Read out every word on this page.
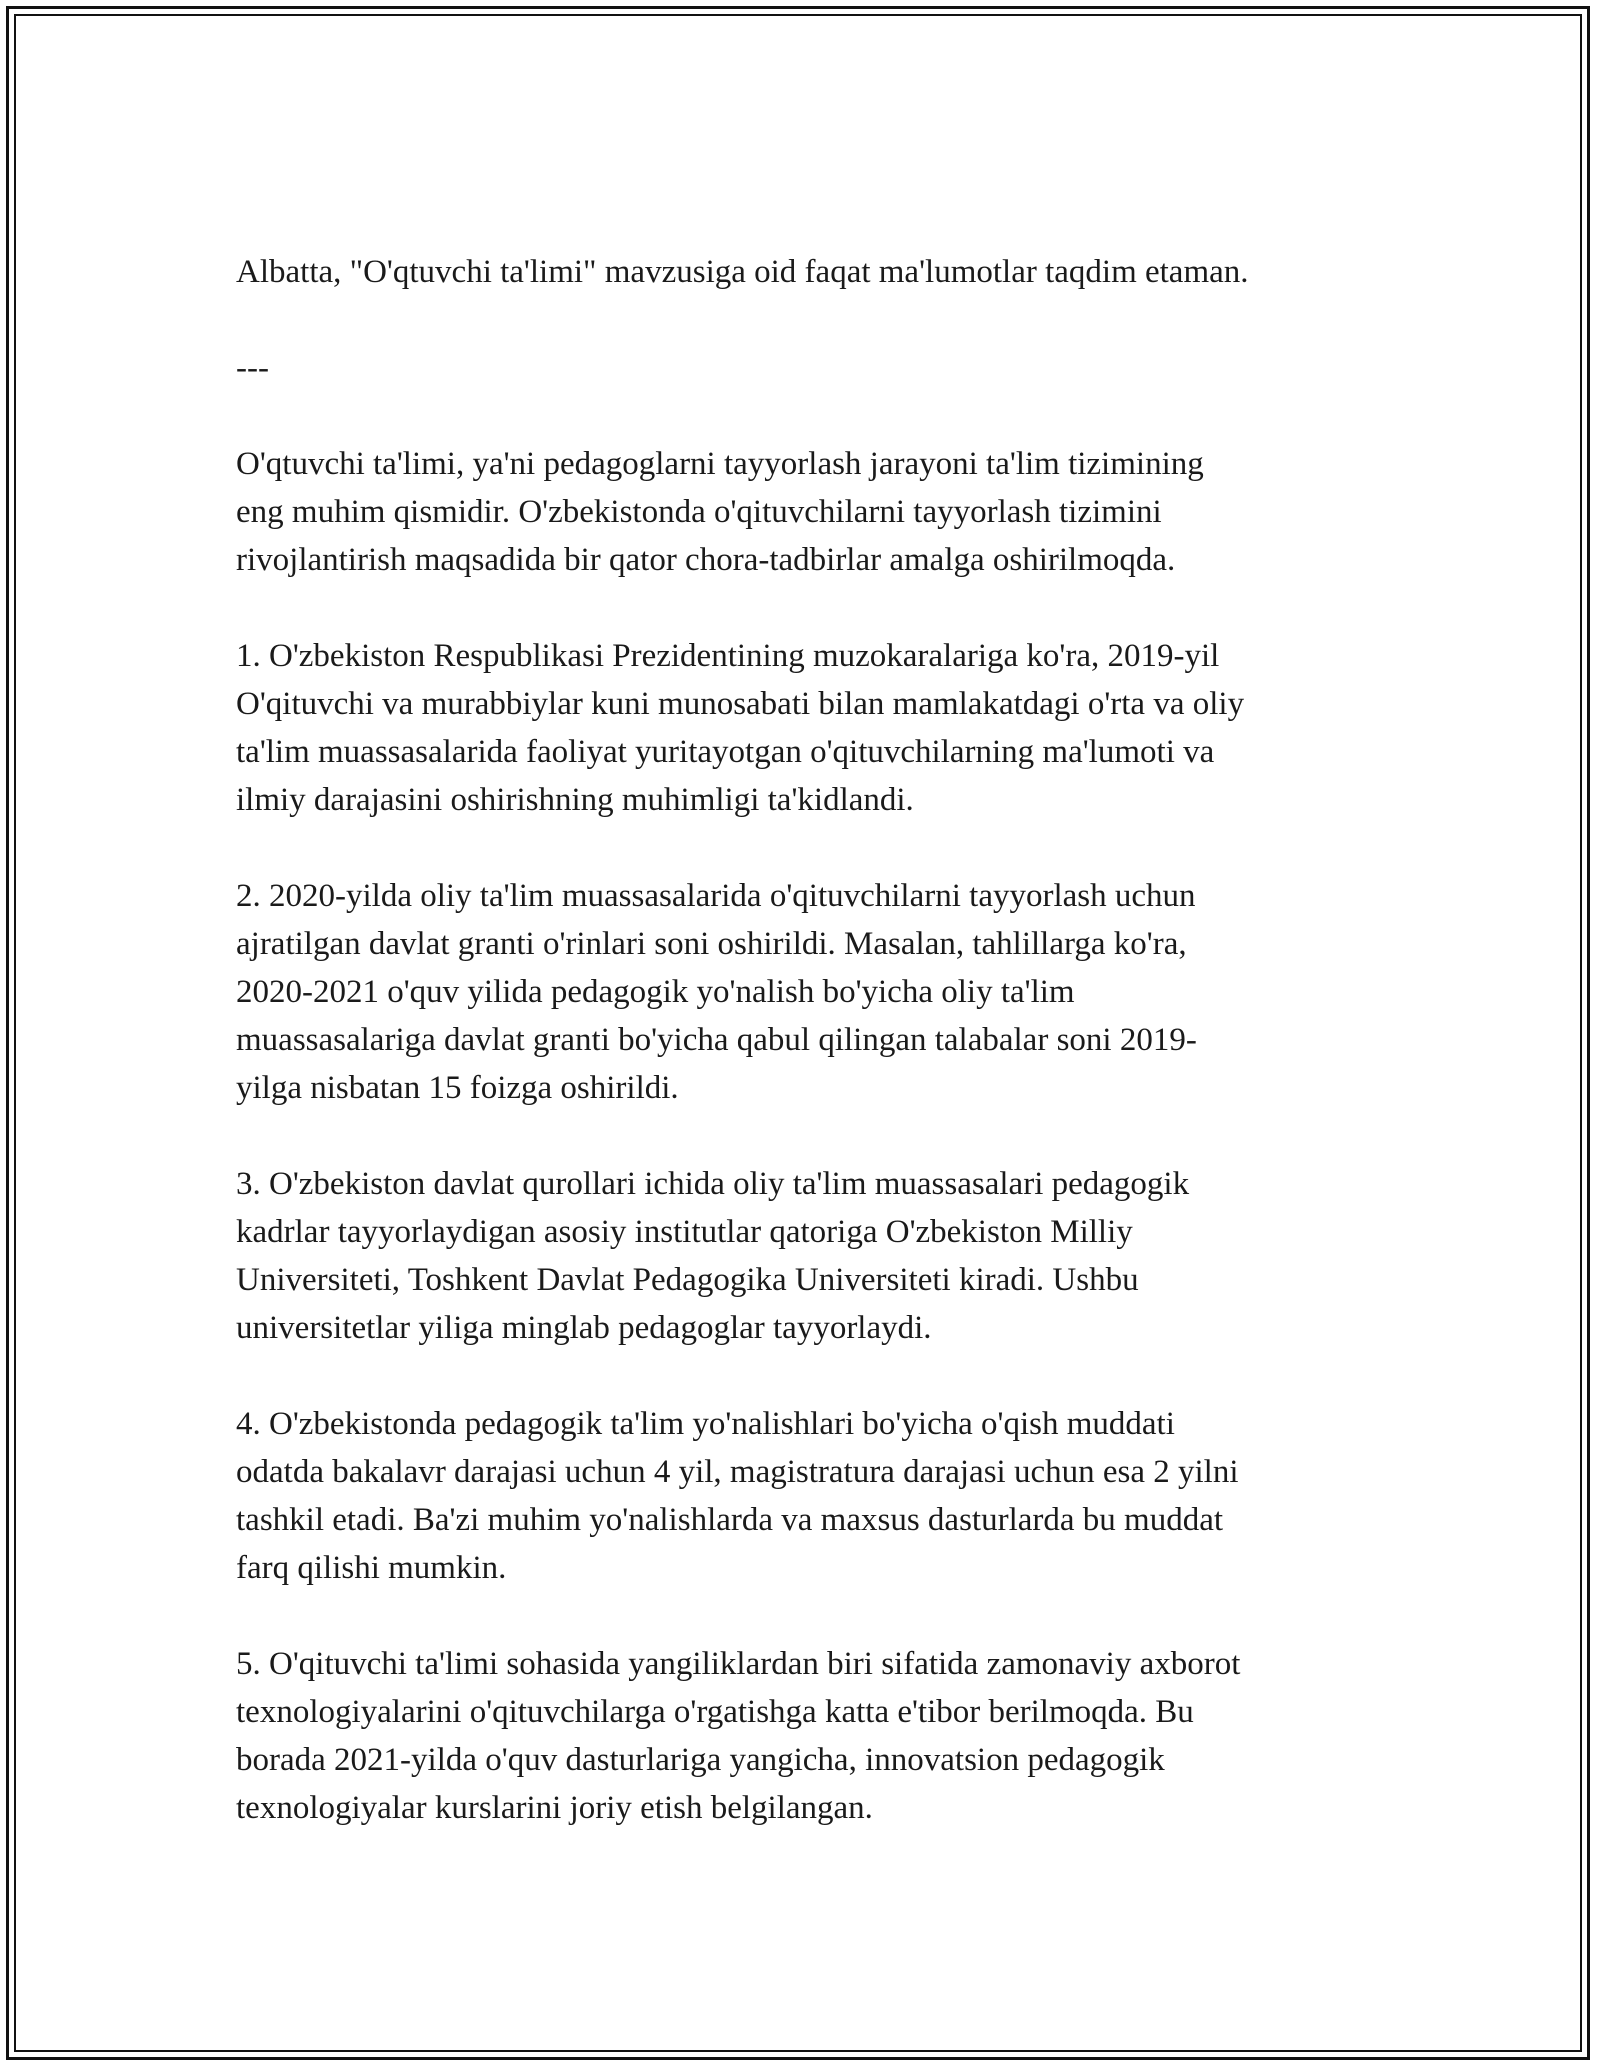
Albatta, "O'qtuvchi ta'limi" mavzusiga oid faqat ma'lumotlar taqdim etaman.

---

O'qtuvchi ta'limi, ya'ni pedagoglarni tayyorlash jarayoni ta'lim tizimining
eng muhim qismidir. O'zbekistonda o'qituvchilarni tayyorlash tizimini
rivojlantirish maqsadida bir qator chora-tadbirlar amalga oshirilmoqda.

1. O'zbekiston Respublikasi Prezidentining muzokaralariga ko'ra, 2019-yil
O'qituvchi va murabbiylar kuni munosabati bilan mamlakatdagi o'rta va oliy
ta'lim muassasalarida faoliyat yuritayotgan o'qituvchilarning ma'lumoti va
ilmiy darajasini oshirishning muhimligi ta'kidlandi.

2. 2020-yilda oliy ta'lim muassasalarida o'qituvchilarni tayyorlash uchun
ajratilgan davlat granti o'rinlari soni oshirildi. Masalan, tahlillarga ko'ra,
2020-2021 o'quv yilida pedagogik yo'nalish bo'yicha oliy ta'lim
muassasalariga davlat granti bo'yicha qabul qilingan talabalar soni 2019-
yilga nisbatan 15 foizga oshirildi.

3. O'zbekiston davlat qurollari ichida oliy ta'lim muassasalari pedagogik
kadrlar tayyorlaydigan asosiy institutlar qatoriga O'zbekiston Milliy
Universiteti, Toshkent Davlat Pedagogika Universiteti kiradi. Ushbu
universitetlar yiliga minglab pedagoglar tayyorlaydi.

4. O'zbekistonda pedagogik ta'lim yo'nalishlari bo'yicha o'qish muddati
odatda bakalavr darajasi uchun 4 yil, magistratura darajasi uchun esa 2 yilni
tashkil etadi. Ba'zi muhim yo'nalishlarda va maxsus dasturlarda bu muddat
farq qilishi mumkin.

5. O'qituvchi ta'limi sohasida yangiliklardan biri sifatida zamonaviy axborot
texnologiyalarini o'qituvchilarga o'rgatishga katta e'tibor berilmoqda. Bu
borada 2021-yilda o'quv dasturlariga yangicha, innovatsion pedagogik
texnologiyalar kurslarini joriy etish belgilangan.
